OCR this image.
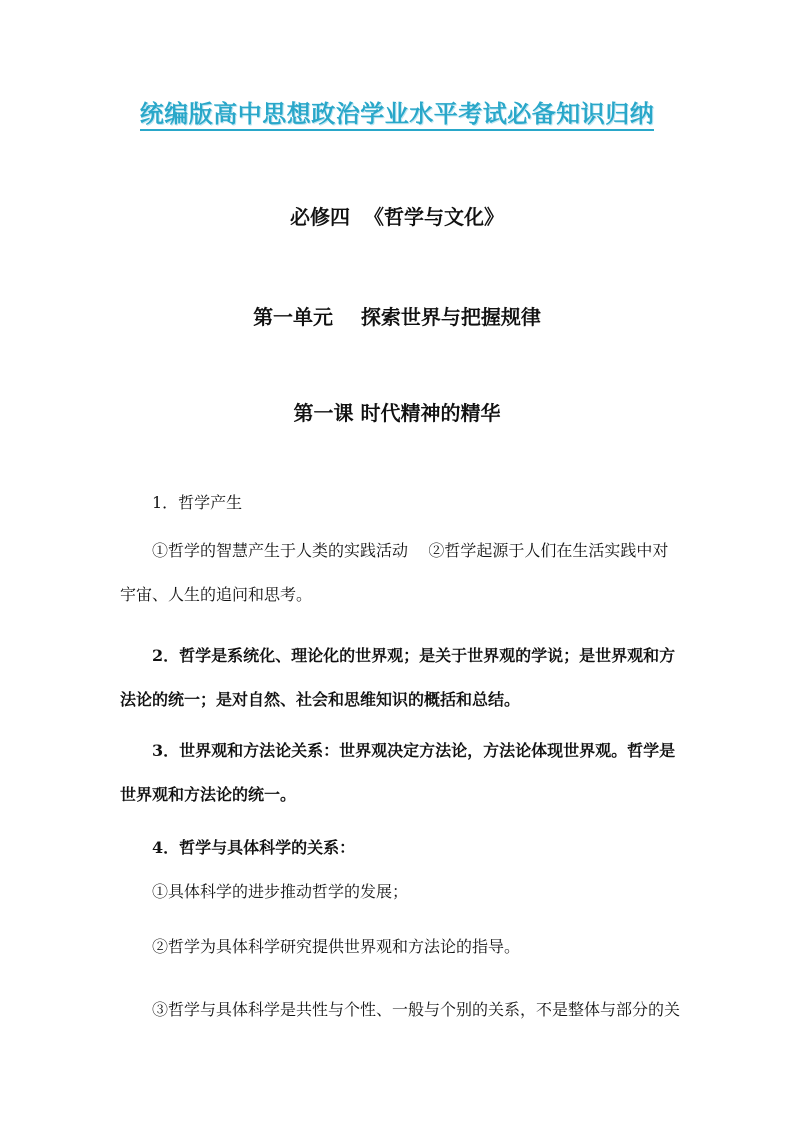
统编版高中思想政治学业水平考试必备知识归纳
必修四  《哲学与文化》
第一单元    探索世界与把握规律
第一课 时代精神的精华
1．哲学产生
①哲学的智慧产生于人类的实践活动    ②哲学起源于人们在生活实践中对宇宙、人生的追问和思考。
2．哲学是系统化、理论化的世界观；是关于世界观的学说；是世界观和方法论的统一；是对自然、社会和思维知识的概括和总结。
3．世界观和方法论关系：世界观决定方法论，方法论体现世界观。哲学是世界观和方法论的统一。
4．哲学与具体科学的关系：
①具体科学的进步推动哲学的发展；
②哲学为具体科学研究提供世界观和方法论的指导。
③哲学与具体科学是共性与个性、一般与个别的关系，不是整体与部分的关
